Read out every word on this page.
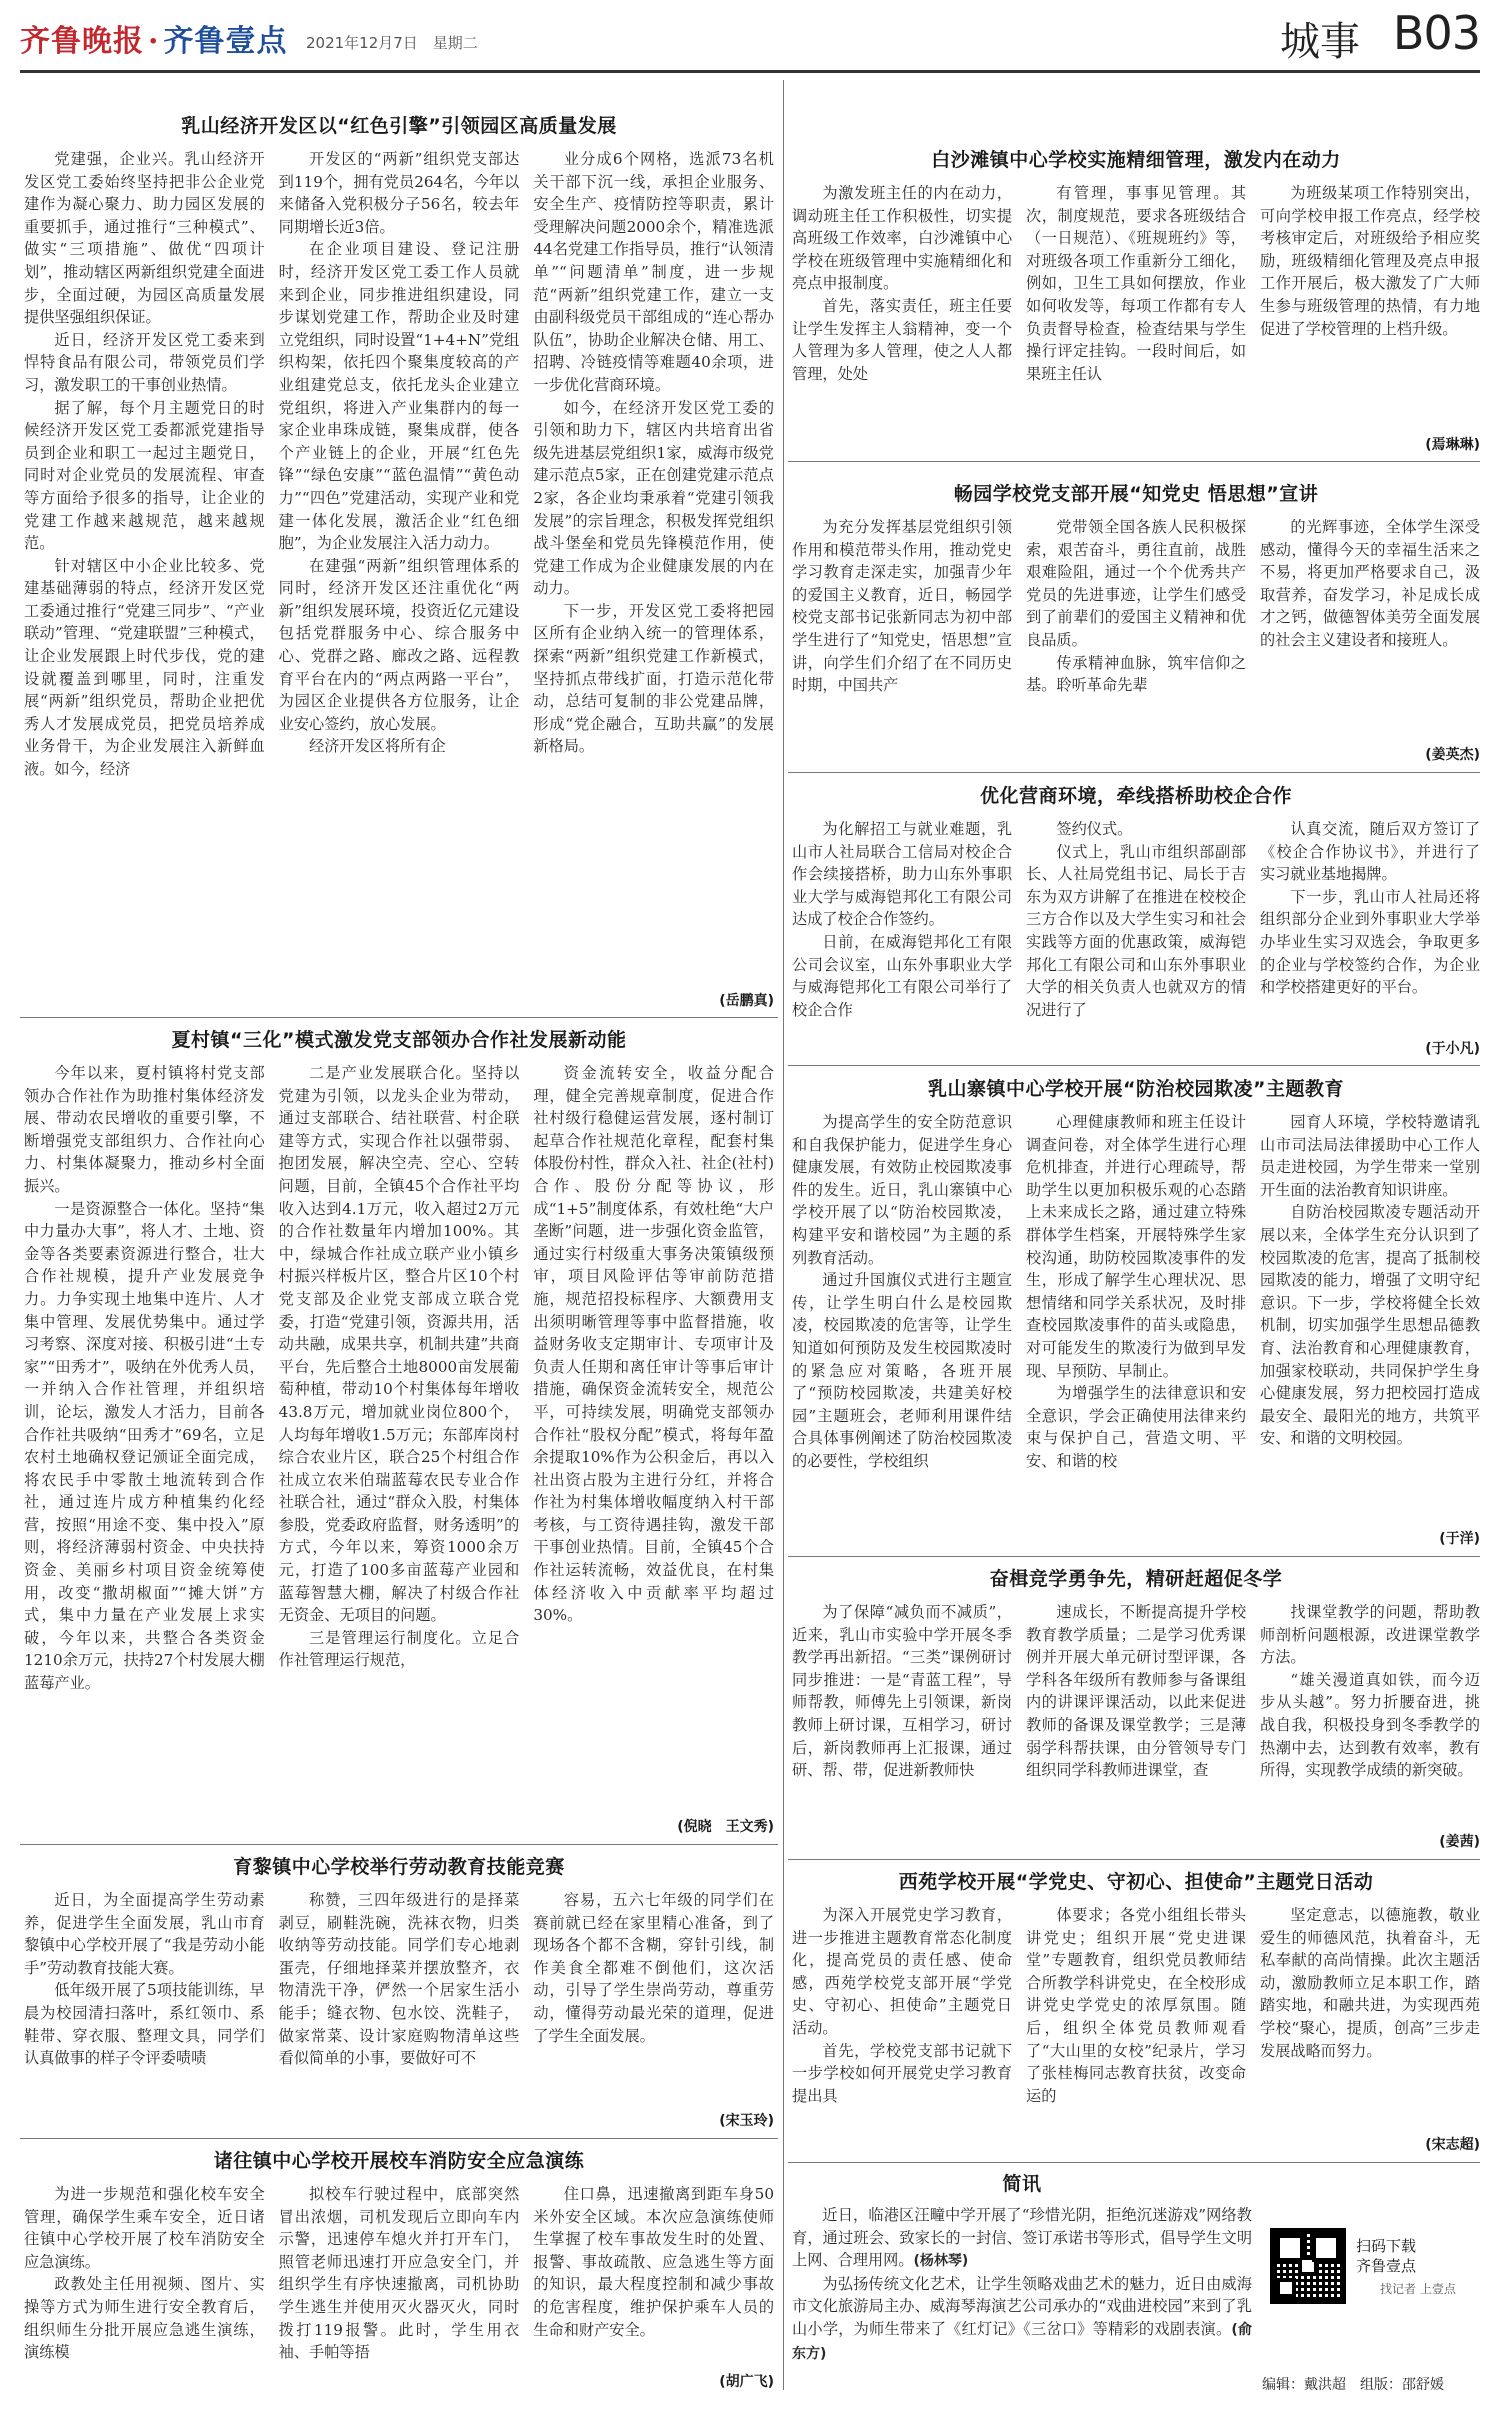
齐鲁晚报 · 齐鲁壹点 2021年12月7日　星期二	城事 B03
乳山经济开发区以“红色引擎”引领园区高质量发展

党建强，企业兴。乳山经济开发区党工委始终坚持把非公企业党建作为凝心聚力、助力园区发展的重要抓手，通过推行“三种模式”、做实“三项措施”、做优“四项计划”，推动辖区两新组织党建全面进步，全面过硬，为园区高质量发展提供坚强组织保证。

近日，经济开发区党工委来到悍特食品有限公司，带领党员们学习，激发职工的干事创业热情。

据了解，每个月主题党日的时候经济开发区党工委都派党建指导员到企业和职工一起过主题党日，同时对企业党员的发展流程、审查等方面给予很多的指导，让企业的党建工作越来越规范，越来越规范。

针对辖区中小企业比较多、党建基础薄弱的特点，经济开发区党工委通过推行“党建三同步”、“产业联动”管理、“党建联盟”三种模式，让企业发展跟上时代步伐，党的建设就覆盖到哪里，同时，注重发展“两新”组织党员，帮助企业把优秀人才发展成党员，把党员培养成业务骨干，为企业发展注入新鲜血液。如今，经济

开发区的“两新”组织党支部达到119个，拥有党员264名，今年以来储备入党积极分子56名，较去年同期增长近3倍。

在企业项目建设、登记注册时，经济开发区党工委工作人员就来到企业，同步推进组织建设，同步谋划党建工作，帮助企业及时建立党组织，同时设置“1+4+N”党组织构架，依托四个聚集度较高的产业组建党总支，依托龙头企业建立党组织，将进入产业集群内的每一家企业串珠成链，聚集成群，使各个产业链上的企业，开展“红色先锋”“绿色安康”“蓝色温情”“黄色动力”“四色”党建活动，实现产业和党建一体化发展，激活企业“红色细胞”，为企业发展注入活力动力。

在建强“两新”组织管理体系的同时，经济开发区还注重优化“两新”组织发展环境，投资近亿元建设包括党群服务中心、综合服务中心、党群之路、廊改之路、远程教育平台在内的“两点两路一平台”，为园区企业提供各方位服务，让企业安心签约，放心发展。

经济开发区将所有企

业分成6个网格，选派73名机关干部下沉一线，承担企业服务、安全生产、疫情防控等职责，累计受理解决问题2000余个，精准选派44名党建工作指导员，推行“认领清单”“问题清单”制度，进一步规范“两新”组织党建工作，建立一支由副科级党员干部组成的“连心帮办队伍”，协助企业解决仓储、用工、招聘、冷链疫情等难题40余项，进一步优化营商环境。

如今，在经济开发区党工委的引领和助力下，辖区内共培育出省级先进基层党组织1家，威海市级党建示范点5家，正在创建党建示范点2家，各企业均秉承着“党建引领我发展”的宗旨理念，积极发挥党组织战斗堡垒和党员先锋模范作用，使党建工作成为企业健康发展的内在动力。

下一步，开发区党工委将把园区所有企业纳入统一的管理体系，探索“两新”组织党建工作新模式，坚持抓点带线扩面，打造示范化带动，总结可复制的非公党建品牌，形成“党企融合，互助共赢”的发展新格局。

(岳鹏真)
夏村镇“三化”模式激发党支部领办合作社发展新动能

今年以来，夏村镇将村党支部领办合作社作为助推村集体经济发展、带动农民增收的重要引擎，不断增强党支部组织力、合作社向心力、村集体凝聚力，推动乡村全面振兴。

一是资源整合一体化。坚持“集中力量办大事”，将人才、土地、资金等各类要素资源进行整合，壮大合作社规模，提升产业发展竞争力。力争实现土地集中连片、人才集中管理、发展优势集中。通过学习考察、深度对接、积极引进“土专家”“田秀才”，吸纳在外优秀人员，一并纳入合作社管理，并组织培训，论坛，激发人才活力，目前各合作社共吸纳“田秀才”69名，立足农村土地确权登记颁证全面完成，将农民手中零散土地流转到合作社，通过连片成方种植集约化经营，按照“用途不变、集中投入”原则，将经济薄弱村资金、中央扶持资金、美丽乡村项目资金统筹使用，改变“撒胡椒面”“摊大饼”方式，集中力量在产业发展上求实破，今年以来，共整合各类资金1210余万元，扶持27个村发展大棚蓝莓产业。

二是产业发展联合化。坚持以党建为引领，以龙头企业为带动，通过支部联合、结社联营、村企联建等方式，实现合作社以强带弱、抱团发展，解决空壳、空心、空转问题，目前，全镇45个合作社平均收入达到4.1万元，收入超过2万元的合作社数量年内增加100%。其中，绿城合作社成立联产业小镇乡村振兴样板片区，整合片区10个村党支部及企业党支部成立联合党委，打造“党建引领，资源共用，活动共融，成果共享，机制共建”共商平台，先后整合土地8000亩发展葡萄种植，带动10个村集体每年增收43.8万元，增加就业岗位800个，人均每年增收1.5万元；东部库岗村综合农业片区，联合25个村组合作社成立农米伯瑞蓝莓农民专业合作社联合社，通过“群众入股，村集体参股，党委政府监督，财务透明”的方式，今年以来，筹资1000余万元，打造了100多亩蓝莓产业园和蓝莓智慧大棚，解决了村级合作社无资金、无项目的问题。

三是管理运行制度化。立足合作社管理运行规范，

资金流转安全，收益分配合理，健全完善规章制度，促进合作社村级行稳健运营发展，逐村制订起草合作社规范化章程，配套村集体股份村性，群众入社、社企(社村)合作、股份分配等协议，形成“1+5”制度体系，有效杜绝“大户垄断”问题，进一步强化资金监管，通过实行村级重大事务决策镇级预审，项目风险评估等审前防范措施，规范招投标程序、大额费用支出须明晰管理等事中监督措施，收益财务收支定期审计、专项审计及负责人任期和离任审计等事后审计措施，确保资金流转安全，规范公平，可持续发展，明确党支部领办合作社“股权分配”模式，将每年盈余提取10%作为公积金后，再以入社出资占股为主进行分红，并将合作社为村集体增收幅度纳入村干部考核，与工资待遇挂钩，激发干部干事创业热情。目前，全镇45个合作社运转流畅，效益优良，在村集体经济收入中贡献率平均超过30%。

(倪晓　王文秀)
育黎镇中心学校举行劳动教育技能竞赛

近日，为全面提高学生劳动素养，促进学生全面发展，乳山市育黎镇中心学校开展了“我是劳动小能手”劳动教育技能大赛。

低年级开展了5项技能训练，早晨为校园清扫落叶，系红领巾、系鞋带、穿衣服、整理文具，同学们认真做事的样子令评委啧啧

称赞，三四年级进行的是择菜剥豆，刷鞋洗碗，洗袜衣物，归类收纳等劳动技能。同学们专心地剥蛋壳，仔细地择菜并摆放整齐，衣物清洗干净，俨然一个居家生活小能手；缝衣物、包水饺、洗鞋子，做家常菜、设计家庭购物清单这些看似简单的小事，要做好可不

容易，五六七年级的同学们在赛前就已经在家里精心准备，到了现场各个都不含糊，穿针引线，制作美食全都难不倒他们，这次活动，引导了学生崇尚劳动，尊重劳动，懂得劳动最光荣的道理，促进了学生全面发展。

(宋玉玲)
诸往镇中心学校开展校车消防安全应急演练

为进一步规范和强化校车安全管理，确保学生乘车安全，近日诸往镇中心学校开展了校车消防安全应急演练。

政教处主任用视频、图片、实操等方式为师生进行安全教育后，组织师生分批开展应急逃生演练，演练模

拟校车行驶过程中，底部突然冒出浓烟，司机发现后立即向车内示警，迅速停车熄火并打开车门，照管老师迅速打开应急安全门，并组织学生有序快速撤离，司机协助学生逃生并使用灭火器灭火，同时拨打119报警。此时，学生用衣袖、手帕等捂

住口鼻，迅速撤离到距车身50米外安全区域。本次应急演练使师生掌握了校车事故发生时的处置、报警、事故疏散、应急逃生等方面的知识，最大程度控制和减少事故的危害程度，维护保护乘车人员的生命和财产安全。

(胡广飞)
白沙滩镇中心学校实施精细管理，激发内在动力

为激发班主任的内在动力，调动班主任工作积极性，切实提高班级工作效率，白沙滩镇中心学校在班级管理中实施精细化和亮点申报制度。

首先，落实责任，班主任要让学生发挥主人翁精神，变一个人管理为多人管理，使之人人都管理，处处

有管理，事事见管理。其次，制度规范，要求各班级结合（一日规范）、《班规班约》等，对班级各项工作重新分工细化，例如，卫生工具如何摆放，作业如何收发等，每项工作都有专人负责督导检查，检查结果与学生操行评定挂钩。一段时间后，如果班主任认

为班级某项工作特别突出，可向学校申报工作亮点，经学校考核审定后，对班级给予相应奖励，班级精细化管理及亮点申报工作开展后，极大激发了广大师生参与班级管理的热情，有力地促进了学校管理的上档升级。

(焉琳琳)
畅园学校党支部开展“知党史 悟思想”宣讲

为充分发挥基层党组织引领作用和模范带头作用，推动党史学习教育走深走实，加强青少年的爱国主义教育，近日，畅园学校党支部书记张新同志为初中部学生进行了“知党史，悟思想”宣讲，向学生们介绍了在不同历史时期，中国共产

党带领全国各族人民积极探索，艰苦奋斗，勇往直前，战胜艰难险阻，通过一个个优秀共产党员的先进事迹，让学生们感受到了前辈们的爱国主义精神和优良品质。

传承精神血脉，筑牢信仰之基。聆听革命先辈

的光辉事迹，全体学生深受感动，懂得今天的幸福生活来之不易，将更加严格要求自己，汲取营养，奋发学习，补足成长成才之钙，做德智体美劳全面发展的社会主义建设者和接班人。

(姜英杰)
优化营商环境，牵线搭桥助校企合作

为化解招工与就业难题，乳山市人社局联合工信局对校企合作会续接搭桥，助力山东外事职业大学与威海铠邦化工有限公司达成了校企合作签约。

日前，在威海铠邦化工有限公司会议室，山东外事职业大学与威海铠邦化工有限公司举行了校企合作

签约仪式。

仪式上，乳山市组织部副部长、人社局党组书记、局长于吉东为双方讲解了在推进在校校企三方合作以及大学生实习和社会实践等方面的优惠政策，威海铠邦化工有限公司和山东外事职业大学的相关负责人也就双方的情况进行了

认真交流，随后双方签订了《校企合作协议书》，并进行了实习就业基地揭牌。

下一步，乳山市人社局还将组织部分企业到外事职业大学举办毕业生实习双选会，争取更多的企业与学校签约合作，为企业和学校搭建更好的平台。

(于小凡)
乳山寨镇中心学校开展“防治校园欺凌”主题教育

为提高学生的安全防范意识和自我保护能力，促进学生身心健康发展，有效防止校园欺凌事件的发生。近日，乳山寨镇中心学校开展了以“防治校园欺凌，构建平安和谐校园”为主题的系列教育活动。

通过升国旗仪式进行主题宣传，让学生明白什么是校园欺凌，校园欺凌的危害等，让学生知道如何预防及发生校园欺凌时的紧急应对策略，各班开展了“预防校园欺凌，共建美好校园”主题班会，老师利用课件结合具体事例阐述了防治校园欺凌的必要性，学校组织

心理健康教师和班主任设计调查问卷，对全体学生进行心理危机排查，并进行心理疏导，帮助学生以更加积极乐观的心态踏上未来成长之路，通过建立特殊群体学生档案，开展特殊学生家校沟通，助防校园欺凌事件的发生，形成了解学生心理状况、思想情绪和同学关系状况，及时排查校园欺凌事件的苗头或隐患，对可能发生的欺凌行为做到早发现、早预防、早制止。

为增强学生的法律意识和安全意识，学会正确使用法律来约束与保护自己，营造文明、平安、和谐的校

园育人环境，学校特邀请乳山市司法局法律援助中心工作人员走进校园，为学生带来一堂别开生面的法治教育知识讲座。

自防治校园欺凌专题活动开展以来，全体学生充分认识到了校园欺凌的危害，提高了抵制校园欺凌的能力，增强了文明守纪意识。下一步，学校将健全长效机制，切实加强学生思想品德教育、法治教育和心理健康教育，加强家校联动，共同保护学生身心健康发展，努力把校园打造成最安全、最阳光的地方，共筑平安、和谐的文明校园。

(于洋)
奋楫竞学勇争先，精研赶超促冬学

为了保障“减负而不减质”，近来，乳山市实验中学开展冬季教学再出新招。“三类”课例研讨同步推进：一是“青蓝工程”，导师帮教，师傅先上引领课，新岗教师上研讨课，互相学习，研讨后，新岗教师再上汇报课，通过研、帮、带，促进新教师快

速成长，不断提高提升学校教育教学质量；二是学习优秀课例并开展大单元研讨型评课，各学科各年级所有教师参与备课组内的讲课评课活动，以此来促进教师的备课及课堂教学；三是薄弱学科帮扶课，由分管领导专门组织同学科教师进课堂，查

找课堂教学的问题，帮助教师剖析问题根源，改进课堂教学方法。

“雄关漫道真如铁，而今迈步从头越”。努力折腰奋进，挑战自我，积极投身到冬季教学的热潮中去，达到教有效率，教有所得，实现教学成绩的新突破。

(姜茜)
西苑学校开展“学党史、守初心、担使命”主题党日活动

为深入开展党史学习教育，进一步推进主题教育常态化制度化，提高党员的责任感、使命感，西苑学校党支部开展“学党史、守初心、担使命”主题党日活动。

首先，学校党支部书记就下一步学校如何开展党史学习教育提出具

体要求；各党小组组长带头讲党史；组织开展“党史进课堂”专题教育，组织党员教师结合所教学科讲党史，在全校形成讲党史学党史的浓厚氛围。随后，组织全体党员教师观看了“大山里的女校”纪录片，学习了张桂梅同志教育扶贫，改变命运的

坚定意志，以德施教，敬业爱生的师德风范，执着奋斗，无私奉献的高尚情操。此次主题活动，激励教师立足本职工作，踏踏实地，和融共进，为实现西苑学校“聚心，提质，创高”三步走发展战略而努力。

(宋志超)
简讯

近日，临港区汪疃中学开展了“珍惜光阴，拒绝沉迷游戏”网络教育，通过班会、致家长的一封信、签订承诺书等形式，倡导学生文明上网、合理用网。(杨林琴)

为弘扬传统文化艺术，让学生领略戏曲艺术的魅力，近日由威海市文化旅游局主办、威海琴海演艺公司承办的“戏曲进校园”来到了乳山小学，为师生带来了《红灯记》《三岔口》等精彩的戏剧表演。(俞东方)

扫码下载
齐鲁壹点
找记者 上壹点
编辑：戴洪超　组版：邵舒媛
